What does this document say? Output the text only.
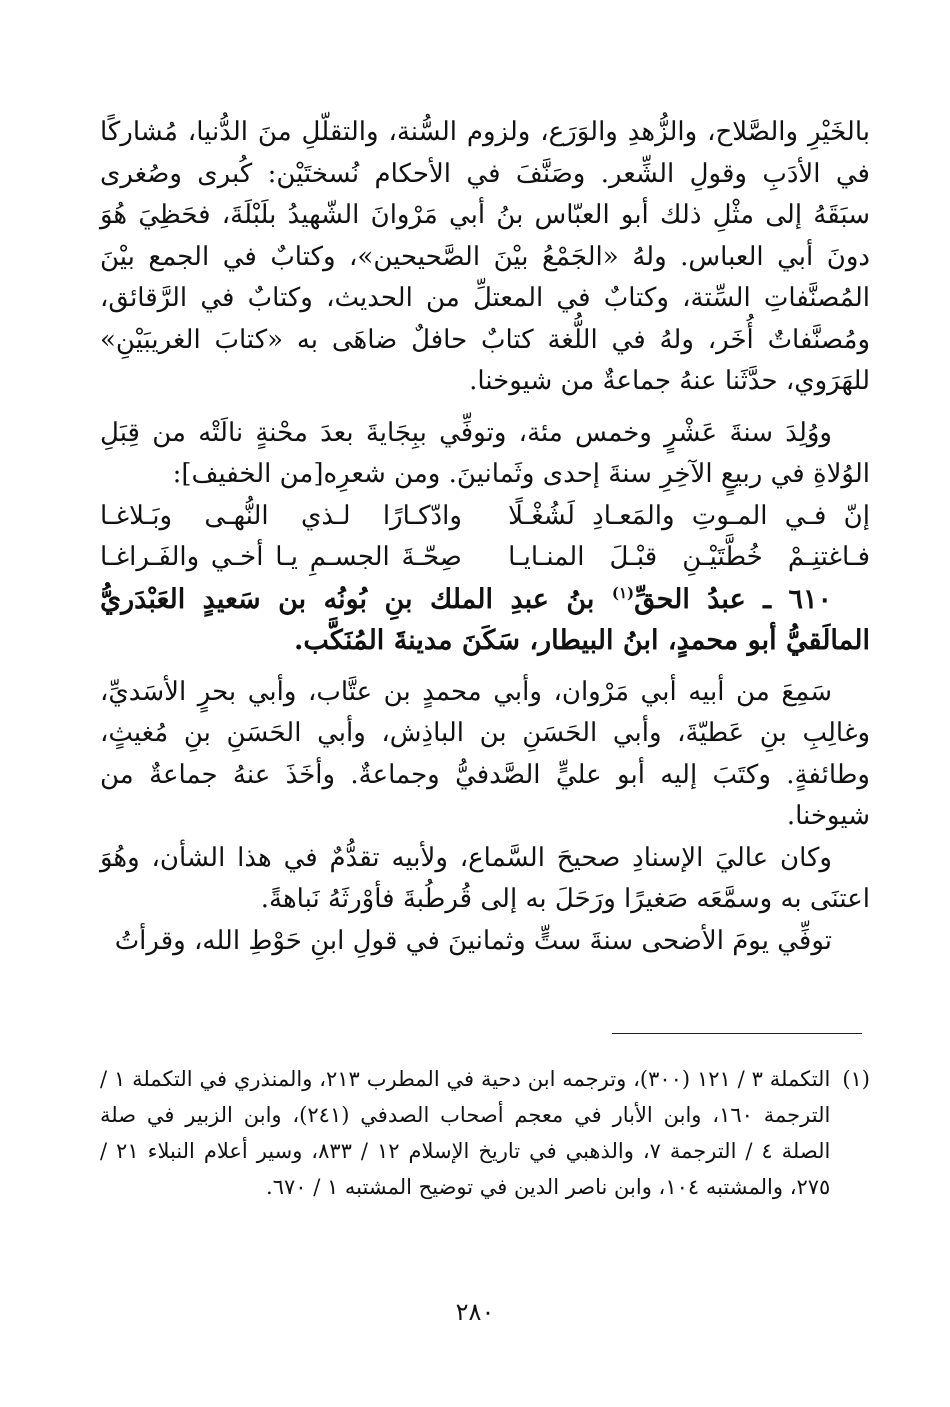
بالخَيْرِ والصَّلاح، والزُّهدِ والوَرَع، ولزوم السُّنة، والتقلّلِ منَ الدُّنيا، مُشاركًا في الأدَبِ وقولِ الشِّعر. وصَنَّفَ في الأحكام نُسختَيْن: كُبرى وصُغرى سبَقَهُ إلى مثْلِ ذلك أبو العبّاس بنُ أبي مَرْوانَ الشّهيدُ بلَبْلَةَ، فحَظِيَ هُوَ دونَ أبي العباس. ولهُ «الجَمْعُ بيْنَ الصَّحيحين»، وكتابٌ في الجمع بيْنَ المُصنَّفاتِ السِّتة، وكتابٌ في المعتلِّ من الحديث، وكتابٌ في الرَّقائق، ومُصنَّفاتٌ أُخَر، ولهُ في اللُّغة كتابٌ حافلٌ ضاهَى به «كتابَ الغريبَيْنِ» للهَرَوي، حدَّثَنا عنهُ جماعةٌ من شيوخنا.

ووُلِدَ سنةَ عَشْرٍ وخمس مئة، وتوفِّي ببِجَايةَ بعدَ محْنةٍ نالَتْه من قِبَلِ الوُلاةِ في ربيعٍ الآخِرِ سنةَ إحدى وثَمانينَ. ومن شعرِه[من الخفيف]:

إنّ فـي المـوتِ والمَعـادِ لَشُغْـلًا
وادّكـارًا لـذي النُّهـى وبَـلاغـا
فـاغتنِـمْ خُطَّتَيْـنِ قبْـلَ المنـايـا
صِحّـةَ الجسـمِ يـا أخـي والفَـراغـا

٦١٠ ـ عبدُ الحقِّ$^{(١)}$ بنُ عبدِ الملك بنِ بُونُه بن سَعيدٍ العَبْدَريُّ المالَقيُّ أبو محمدٍ، ابنُ البيطار، سَكَنَ مدينةَ المُنَكَّب.

سَمِعَ من أبيه أبي مَرْوان، وأبي محمدٍ بن عتَّاب، وأبي بحرٍ الأسَديِّ، وغالِبِ بنِ عَطيّةَ، وأبي الحَسَنِ بن الباذِش، وأبي الحَسَنِ بنِ مُغيثٍ، وطائفةٍ. وكتَبَ إليه أبو عليٍّ الصَّدفيُّ وجماعةٌ. وأخَذَ عنهُ جماعةٌ من شيوخنا.

وكان عاليَ الإسنادِ صحيحَ السَّماع، ولأبيه تقدُّمٌ في هذا الشأن، وهُوَ اعتنَى به وسمَّعَه صَغيرًا ورَحَلَ به إلى قُرطُبةَ فأوْرثَهُ نَباهةً.

توفِّي يومَ الأضحى سنةَ ستٍّ وثمانينَ في قولِ ابنِ حَوْطِ الله، وقرأتُ

(١)
التكملة ٣ / ١٢١ (٣٠٠)، وترجمه ابن دحية في المطرب ٢١٣، والمنذري في التكملة ١ / الترجمة ١٦٠، وابن الأبار في معجم أصحاب الصدفي (٢٤١)، وابن الزبير في صلة الصلة ٤ / الترجمة ٧، والذهبي في تاريخ الإسلام ١٢ / ٨٣٣، وسير أعلام النبلاء ٢١ / ٢٧٥، والمشتبه ١٠٤، وابن ناصر الدين في توضيح المشتبه ١ / ٦٧٠.
٢٨٠
